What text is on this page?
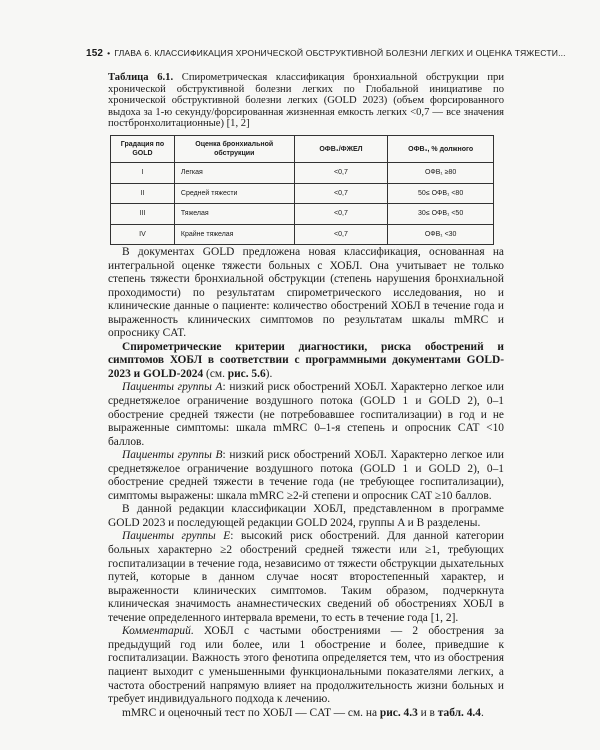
152 • ГЛАВА 6. КЛАССИФИКАЦИЯ ХРОНИЧЕСКОЙ ОБСТРУКТИВНОЙ БОЛЕЗНИ ЛЕГКИХ И ОЦЕНКА ТЯЖЕСТИ...
Таблица 6.1. Спирометрическая классификация бронхиальной обструкции при хронической обструктивной болезни легких по Глобальной инициативе по хронической обструктивной болезни легких (GOLD 2023) (объем форсированного выдоха за 1-ю секунду/форсированная жизненная емкость легких <0,7 — все значения постбронхолитационные) [1, 2]
Градация по GOLD	Оценка бронхиальной обструкции	ОФВ₁/ФЖЕЛ	ОФВ₁, % должного
I	Легкая	<0,7	ОФВ₁ ≥80
II	Средней тяжести	<0,7	50≤ ОФВ₁ <80
III	Тяжелая	<0,7	30≤ ОФВ₁ <50
IV	Крайне тяжелая	<0,7	ОФВ₁ <30

В документах GOLD предложена новая классификация, основанная на интегральной оценке тяжести больных с ХОБЛ. Она учитывает не только степень тяжести бронхиальной обструкции (степень нарушения бронхиальной проходимости) по результатам спирометрического исследования, но и клинические данные о пациенте: количество обострений ХОБЛ в течение года и выраженность клинических симптомов по результатам шкалы mMRC и опроснику CAT.

Спирометрические критерии диагностики, риска обострений и симптомов ХОБЛ в соответствии с программными документами GOLD-2023 и GOLD-2024 (см. рис. 5.6).

Пациенты группы A: низкий риск обострений ХОБЛ. Характерно легкое или среднетяжелое ограничение воздушного потока (GOLD 1 и GOLD 2), 0–1 обострение средней тяжести (не потребовавшее госпитализации) в год и не выраженные симптомы: шкала mMRC 0–1-я степень и опросник CAT <10 баллов.

Пациенты группы B: низкий риск обострений ХОБЛ. Характерно легкое или среднетяжелое ограничение воздушного потока (GOLD 1 и GOLD 2), 0–1 обострение средней тяжести в течение года (не требующее госпитализации), симптомы выражены: шкала mMRC ≥2-й степени и опросник CAT ≥10 баллов.

В данной редакции классификации ХОБЛ, представленном в программе GOLD 2023 и последующей редакции GOLD 2024, группы A и B разделены.

Пациенты группы E: высокий риск обострений. Для данной категории больных характерно ≥2 обострений средней тяжести или ≥1, требующих госпитализации в течение года, независимо от тяжести обструкции дыхательных путей, которые в данном случае носят второстепенный характер, и выраженности клинических симптомов. Таким образом, подчеркнута клиническая значимость анамнестических сведений об обострениях ХОБЛ в течение определенного интервала времени, то есть в течение года [1, 2].

Комментарий. ХОБЛ с частыми обострениями — 2 обострения за предыдущий год или более, или 1 обострение и более, приведшие к госпитализации. Важность этого фенотипа определяется тем, что из обострения пациент выходит с уменьшенными функциональными показателями легких, а частота обострений напрямую влияет на продолжительность жизни больных и требует индивидуального подхода к лечению.

mMRC и оценочный тест по ХОБЛ — CAT — см. на рис. 4.3 и в табл. 4.4.
